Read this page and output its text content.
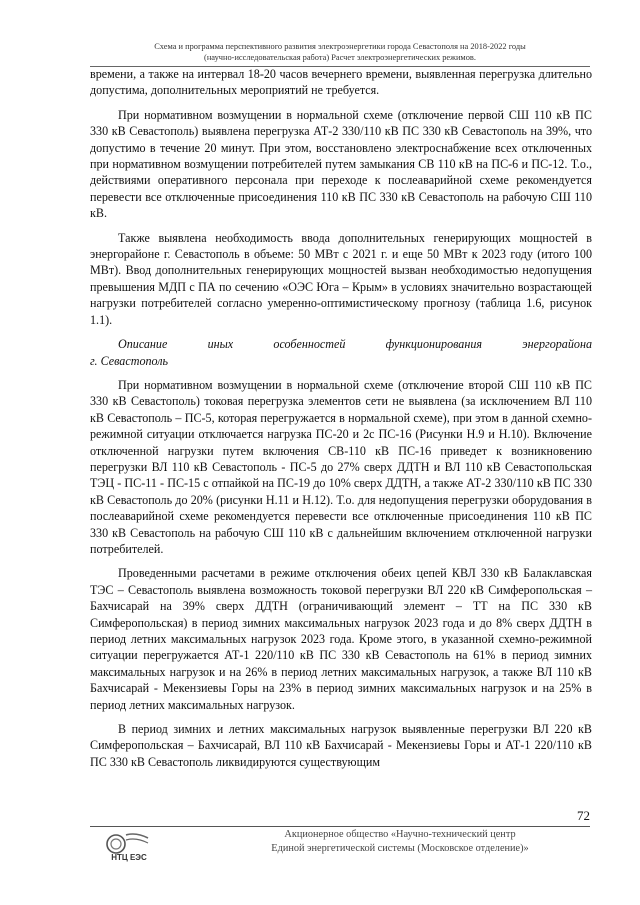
Схема и программа перспективного развития электроэнергетики города Севастополя на 2018-2022 годы
(научно-исследовательская работа) Расчет электроэнергетических режимов.

времени, а также на интервал 18-20 часов вечернего времени, выявленная перегрузка длительно допустима, дополнительных мероприятий не требуется.

При нормативном возмущении в нормальной схеме (отключение первой СШ 110 кВ ПС 330 кВ Севастополь) выявлена перегрузка АТ-2 330/110 кВ ПС 330 кВ Севастополь на 39%, что допустимо в течение 20 минут. При этом, восстановлено электроснабжение всех отключенных при нормативном возмущении потребителей путем замыкания СВ 110 кВ на ПС-6 и ПС-12. Т.о., действиями оперативного персонала при переходе к послеаварийной схеме рекомендуется перевести все отключенные присоединения 110 кВ ПС 330 кВ Севастополь на рабочую СШ 110 кВ.

Также выявлена необходимость ввода дополнительных генерирующих мощностей в энергорайоне г. Севастополь в объеме: 50 МВт с 2021 г. и еще 50 МВт к 2023 году (итого 100 МВт). Ввод дополнительных генерирующих мощностей вызван необходимостью недопущения превышения МДП с ПА по сечению «ОЭС Юга – Крым» в условиях значительно возрастающей нагрузки потребителей согласно умеренно-оптимистическому прогнозу (таблица 1.6, рисунок 1.1).

Описание иных особенностей функционирования энергорайона

г. Севастополь

При нормативном возмущении в нормальной схеме (отключение второй СШ 110 кВ ПС 330 кВ Севастополь) токовая перегрузка элементов сети не выявлена (за исключением ВЛ 110 кВ Севастополь – ПС-5, которая перегружается в нормальной схеме), при этом в данной схемно-режимной ситуации отключается нагрузка ПС-20 и 2с ПС-16 (Рисунки Н.9 и Н.10). Включение отключенной нагрузки путем включения СВ-110 кВ ПС-16 приведет к возникновению перегрузки ВЛ 110 кВ Севастополь - ПС-5 до 27% сверх ДДТН и ВЛ 110 кВ Севастопольская ТЭЦ - ПС-11 - ПС-15 с отпайкой на ПС-19 до 10% сверх ДДТН, а также АТ-2 330/110 кВ ПС 330 кВ Севастополь до 20% (рисунки Н.11 и Н.12). Т.о. для недопущения перегрузки оборудования в послеаварийной схеме рекомендуется перевести все отключенные присоединения 110 кВ ПС 330 кВ Севастополь на рабочую СШ 110 кВ с дальнейшим включением отключенной нагрузки потребителей.

Проведенными расчетами в режиме отключения обеих цепей КВЛ 330 кВ Балаклавская ТЭС – Севастополь выявлена возможность токовой перегрузки ВЛ 220 кВ Симферопольская – Бахчисарай на 39% сверх ДДТН (ограничивающий элемент – ТТ на ПС 330 кВ Симферопольская) в период зимних максимальных нагрузок 2023 года и до 8% сверх ДДТН в период летних максимальных нагрузок 2023 года. Кроме этого, в указанной схемно-режимной ситуации перегружается АТ-1 220/110 кВ ПС 330 кВ Севастополь на 61% в период зимних максимальных нагрузок и на 26% в период летних максимальных нагрузок, а также ВЛ 110 кВ Бахчисарай - Мекензиевы Горы на 23% в период зимних максимальных нагрузок и на 25% в период летних максимальных нагрузок.

В период зимних и летних максимальных нагрузок выявленные перегрузки ВЛ 220 кВ Симферопольская – Бахчисарай, ВЛ 110 кВ Бахчисарай - Мекензиевы Горы и АТ-1 220/110 кВ ПС 330 кВ Севастополь ликвидируются существующим

72
НТЦ ЕЭС
Акционерное общество «Научно-технический центр
Единой энергетической системы (Московское отделение)»
